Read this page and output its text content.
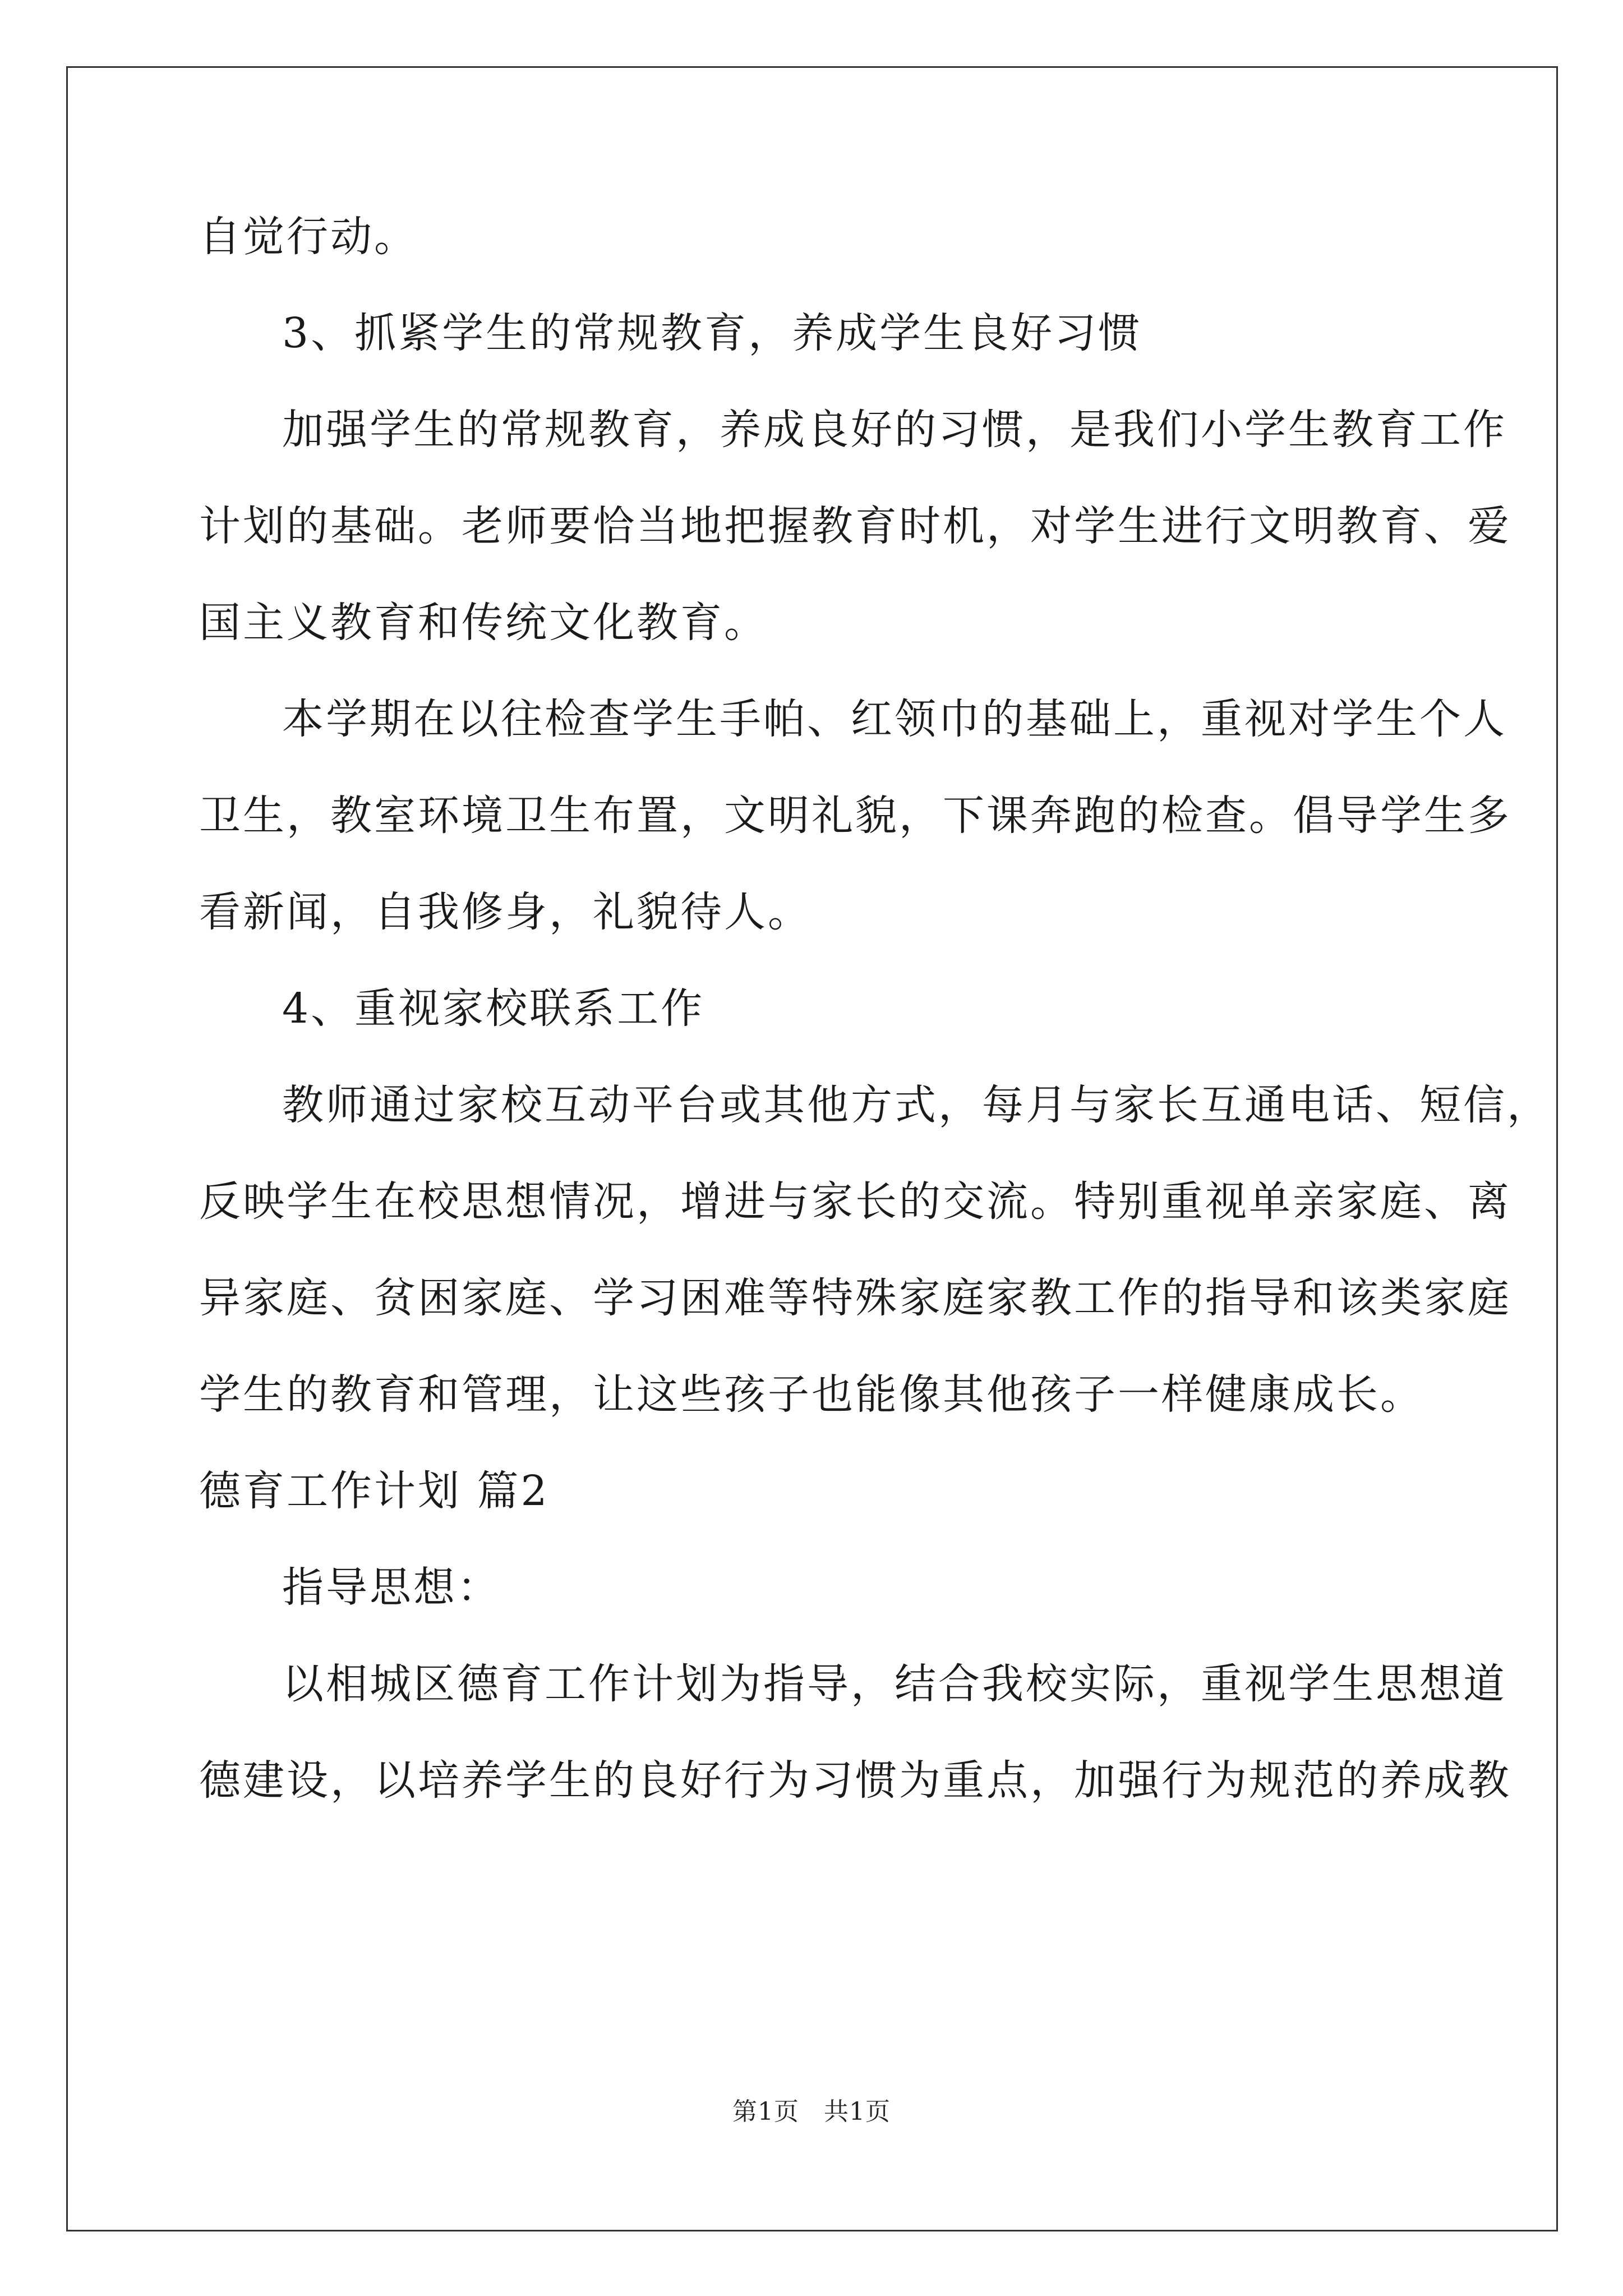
自觉行动。
3、抓紧学生的常规教育，养成学生良好习惯
加强学生的常规教育，养成良好的习惯，是我们小学生教育工作
计划的基础。老师要恰当地把握教育时机，对学生进行文明教育、爱
国主义教育和传统文化教育。
本学期在以往检查学生手帕、红领巾的基础上，重视对学生个人
卫生，教室环境卫生布置，文明礼貌，下课奔跑的检查。倡导学生多
看新闻，自我修身，礼貌待人。
4、重视家校联系工作
教师通过家校互动平台或其他方式，每月与家长互通电话、短信，
反映学生在校思想情况，增进与家长的交流。特别重视单亲家庭、离
异家庭、贫困家庭、学习困难等特殊家庭家教工作的指导和该类家庭
学生的教育和管理，让这些孩子也能像其他孩子一样健康成长。
德育工作计划 篇2
指导思想：
以相城区德育工作计划为指导，结合我校实际，重视学生思想道
德建设，以培养学生的良好行为习惯为重点，加强行为规范的养成教
第1页 共1页
